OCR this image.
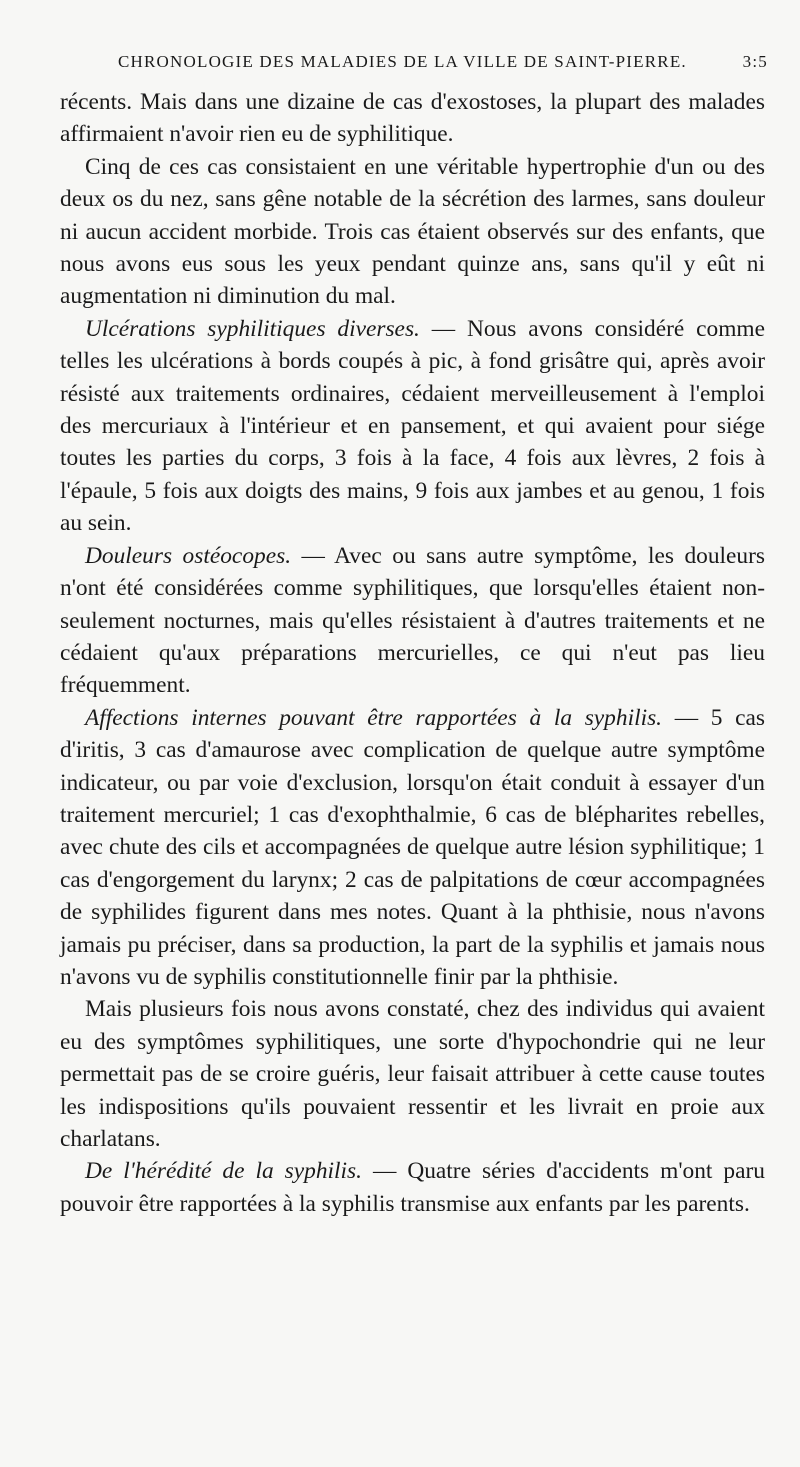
CHRONOLOGIE DES MALADIES DE LA VILLE DE SAINT-PIERRE.	3:5

récents. Mais dans une dizaine de cas d'exostoses, la plupart des malades affirmaient n'avoir rien eu de syphilitique.

Cinq de ces cas consistaient en une véritable hypertrophie d'un ou des deux os du nez, sans gêne notable de la sécrétion des larmes, sans douleur ni aucun accident morbide. Trois cas étaient observés sur des enfants, que nous avons eus sous les yeux pendant quinze ans, sans qu'il y eût ni augmentation ni diminution du mal.

Ulcérations syphilitiques diverses. — Nous avons considéré comme telles les ulcérations à bords coupés à pic, à fond grisâtre qui, après avoir résisté aux traitements ordinaires, cédaient merveilleusement à l'emploi des mercuriaux à l'intérieur et en pansement, et qui avaient pour siége toutes les parties du corps, 3 fois à la face, 4 fois aux lèvres, 2 fois à l'épaule, 5 fois aux doigts des mains, 9 fois aux jambes et au genou, 1 fois au sein.

Douleurs ostéocopes. — Avec ou sans autre symptôme, les douleurs n'ont été considérées comme syphilitiques, que lorsqu'elles étaient non-seulement nocturnes, mais qu'elles résistaient à d'autres traitements et ne cédaient qu'aux préparations mercurielles, ce qui n'eut pas lieu fréquemment.

Affections internes pouvant être rapportées à la syphilis. — 5 cas d'iritis, 3 cas d'amaurose avec complication de quelque autre symptôme indicateur, ou par voie d'exclusion, lorsqu'on était conduit à essayer d'un traitement mercuriel; 1 cas d'exophthalmie, 6 cas de blépharites rebelles, avec chute des cils et accompagnées de quelque autre lésion syphilitique; 1 cas d'engorgement du larynx; 2 cas de palpitations de cœur accompagnées de syphilides figurent dans mes notes. Quant à la phthisie, nous n'avons jamais pu préciser, dans sa production, la part de la syphilis et jamais nous n'avons vu de syphilis constitutionnelle finir par la phthisie.

Mais plusieurs fois nous avons constaté, chez des individus qui avaient eu des symptômes syphilitiques, une sorte d'hypochondrie qui ne leur permettait pas de se croire guéris, leur faisait attribuer à cette cause toutes les indispositions qu'ils pouvaient ressentir et les livrait en proie aux charlatans.

De l'hérédité de la syphilis. — Quatre séries d'accidents m'ont paru pouvoir être rapportées à la syphilis transmise aux enfants par les parents.
